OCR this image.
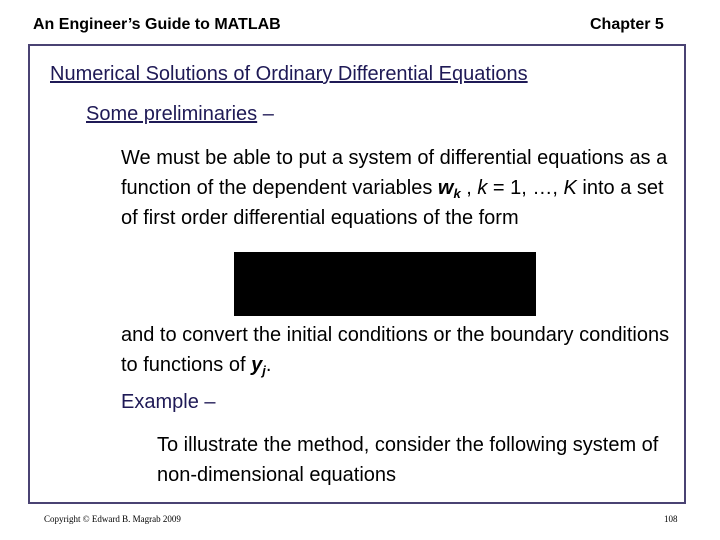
An Engineer’s Guide to MATLAB	Chapter 5
Numerical Solutions of Ordinary Differential Equations
Some preliminaries –
We must be able to put a system of differential equations as a function of the dependent variables $w_k$ , k = 1, …, K into a set of first order differential equations of the form
and to convert the initial conditions or the boundary conditions to functions of $y_j$.
Example –
To illustrate the method, consider the following system of non-dimensional equations
Copyright © Edward B. Magrab 2009	108
